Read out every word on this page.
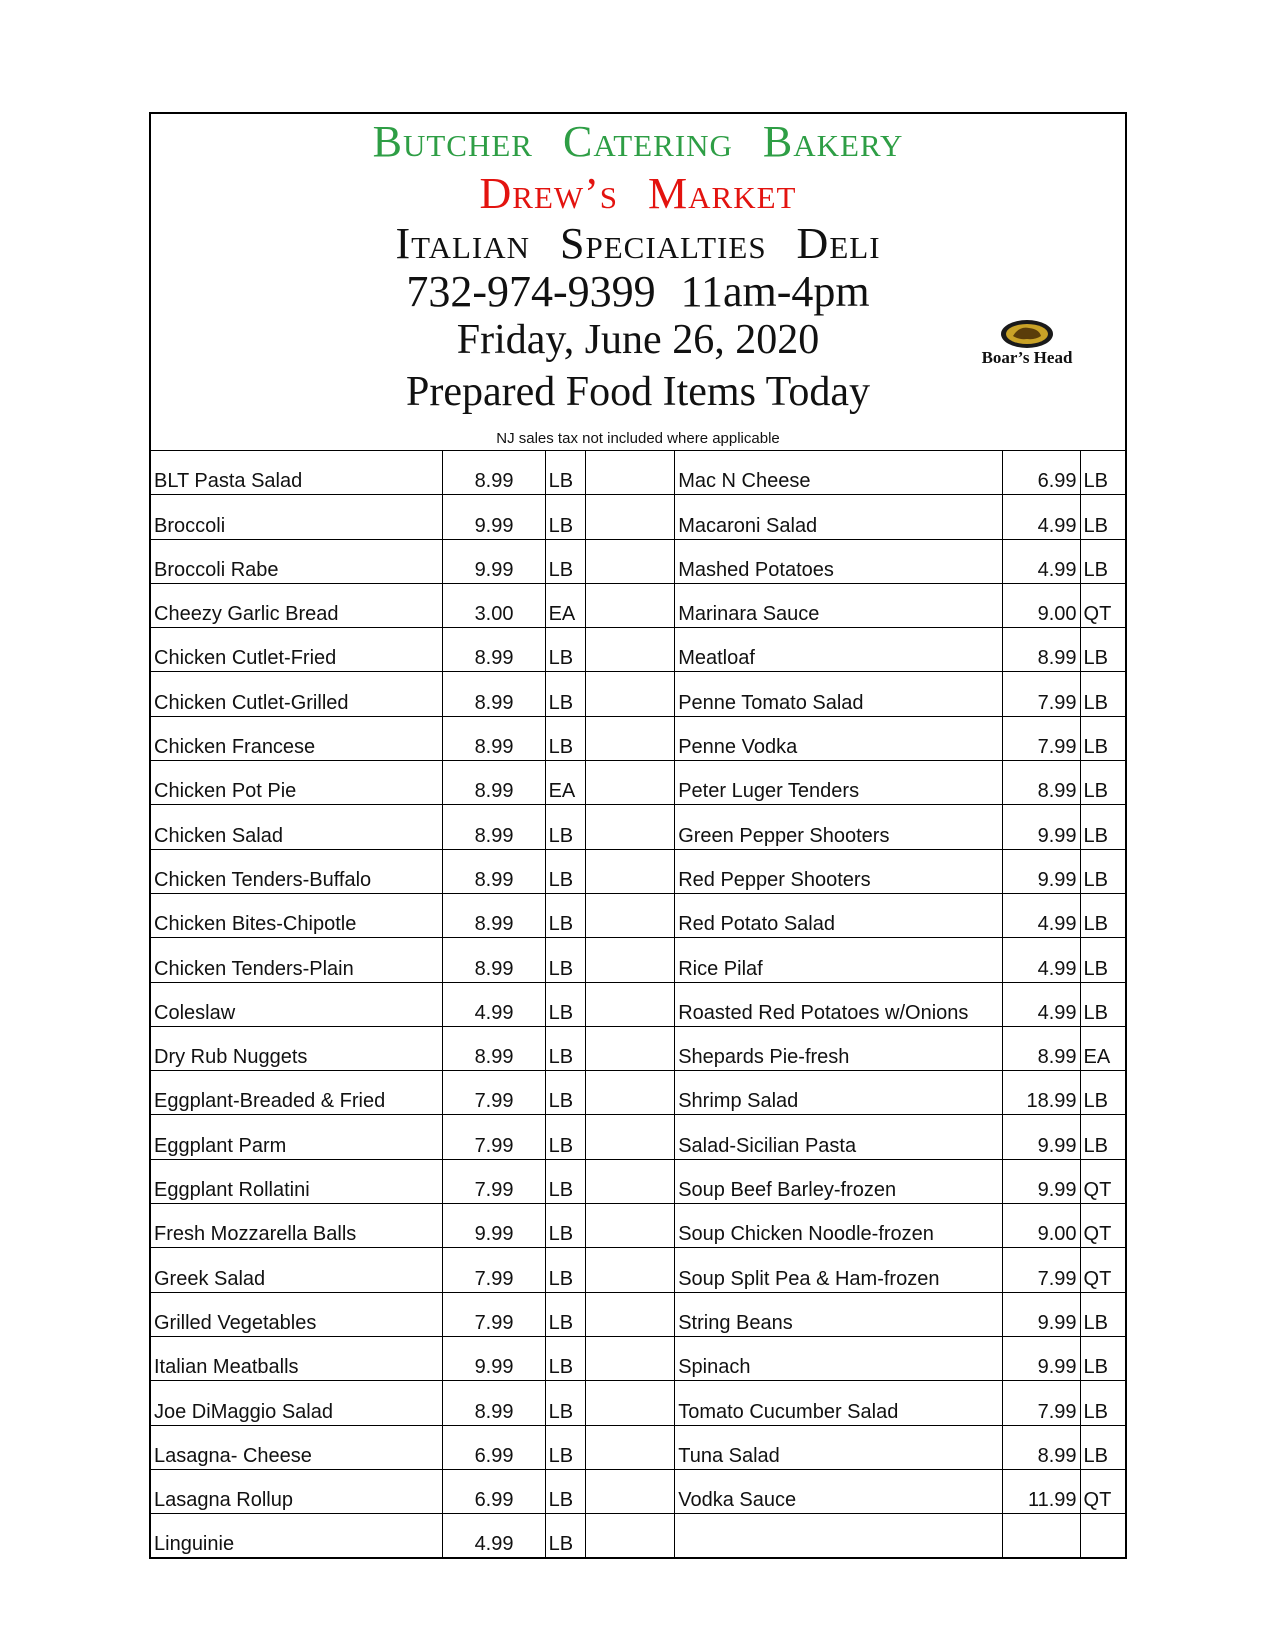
Butcher Catering Bakery
Drew’s Market
Italian Specialties Deli
732-974-9399 11am-4pm
Friday, June 26, 2020
Prepared Food Items Today
NJ sales tax not included where applicable
Boar’s Head
BLT Pasta Salad	8.99	LB		Mac N Cheese	6.99	LB
Broccoli	9.99	LB		Macaroni Salad	4.99	LB
Broccoli Rabe	9.99	LB		Mashed Potatoes	4.99	LB
Cheezy Garlic Bread	3.00	EA		Marinara Sauce	9.00	QT
Chicken Cutlet-Fried	8.99	LB		Meatloaf	8.99	LB
Chicken Cutlet-Grilled	8.99	LB		Penne Tomato Salad	7.99	LB
Chicken Francese	8.99	LB		Penne Vodka	7.99	LB
Chicken Pot Pie	8.99	EA		Peter Luger Tenders	8.99	LB
Chicken Salad	8.99	LB		Green Pepper Shooters	9.99	LB
Chicken Tenders-Buffalo	8.99	LB		Red Pepper Shooters	9.99	LB
Chicken Bites-Chipotle	8.99	LB		Red Potato Salad	4.99	LB
Chicken Tenders-Plain	8.99	LB		Rice Pilaf	4.99	LB
Coleslaw	4.99	LB		Roasted Red Potatoes w/Onions	4.99	LB
Dry Rub Nuggets	8.99	LB		Shepards Pie-fresh	8.99	EA
Eggplant-Breaded & Fried	7.99	LB		Shrimp Salad	18.99	LB
Eggplant Parm	7.99	LB		Salad-Sicilian Pasta	9.99	LB
Eggplant Rollatini	7.99	LB		Soup Beef Barley-frozen	9.99	QT
Fresh Mozzarella Balls	9.99	LB		Soup Chicken Noodle-frozen	9.00	QT
Greek Salad	7.99	LB		Soup Split Pea & Ham-frozen	7.99	QT
Grilled Vegetables	7.99	LB		String Beans	9.99	LB
Italian Meatballs	9.99	LB		Spinach	9.99	LB
Joe DiMaggio Salad	8.99	LB		Tomato Cucumber Salad	7.99	LB
Lasagna- Cheese	6.99	LB		Tuna Salad	8.99	LB
Lasagna Rollup	6.99	LB		Vodka Sauce	11.99	QT
Linguinie	4.99	LB				
